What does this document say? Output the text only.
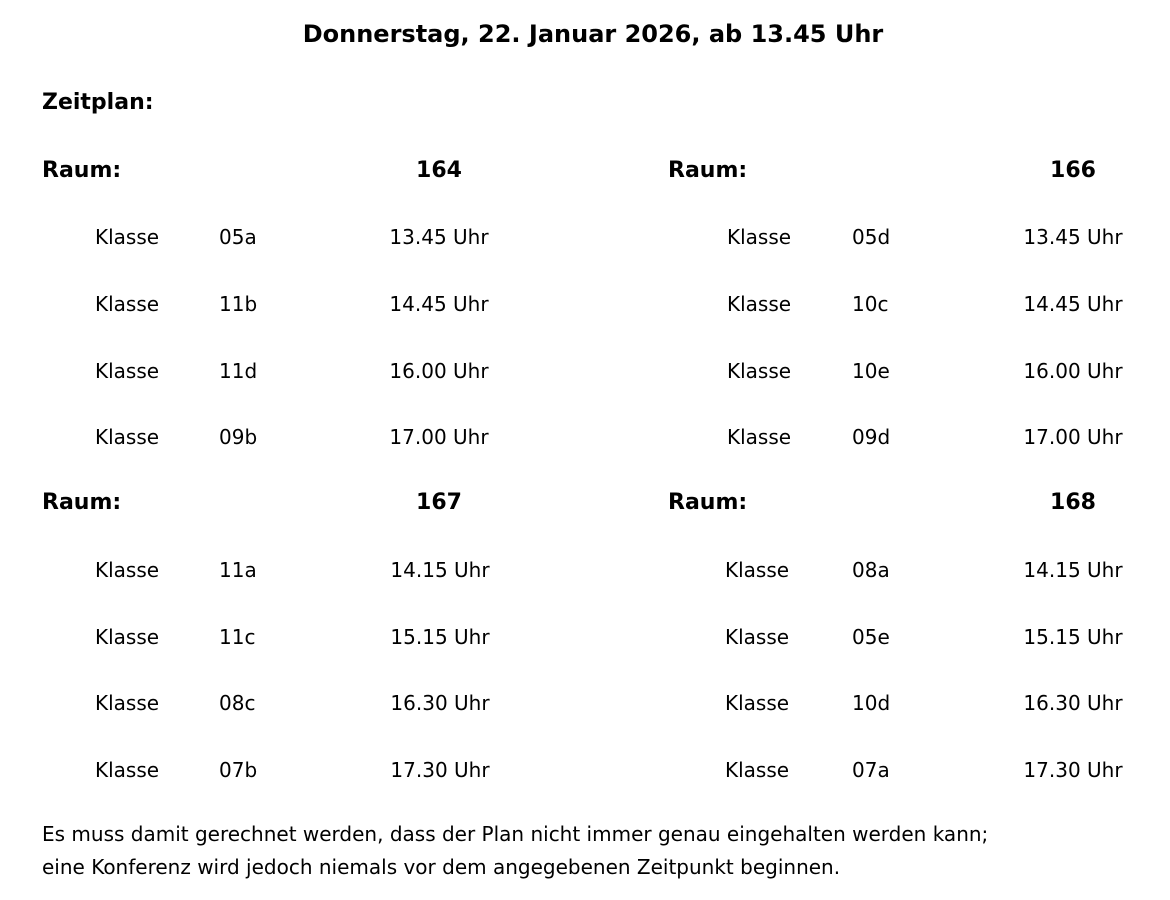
Donnerstag, 22. Januar 2026, ab 13.45 Uhr
Zeitplan:
Raum:	164
Klasse	05a	13.45 Uhr
Klasse	11b	14.45 Uhr
Klasse	11d	16.00 Uhr
Klasse	09b	17.00 Uhr
Raum:	166
Klasse	05d	13.45 Uhr
Klasse	10c	14.45 Uhr
Klasse	10e	16.00 Uhr
Klasse	09d	17.00 Uhr
Raum:	167
Klasse	11a	14.15 Uhr
Klasse	11c	15.15 Uhr
Klasse	08c	16.30 Uhr
Klasse	07b	17.30 Uhr
Raum:	168
Klasse	08a	14.15 Uhr
Klasse	05e	15.15 Uhr
Klasse	10d	16.30 Uhr
Klasse	07a	17.30 Uhr

Es muss damit gerechnet werden, dass der Plan nicht immer genau eingehalten werden kann;

eine Konferenz wird jedoch niemals vor dem angegebenen Zeitpunkt beginnen.
